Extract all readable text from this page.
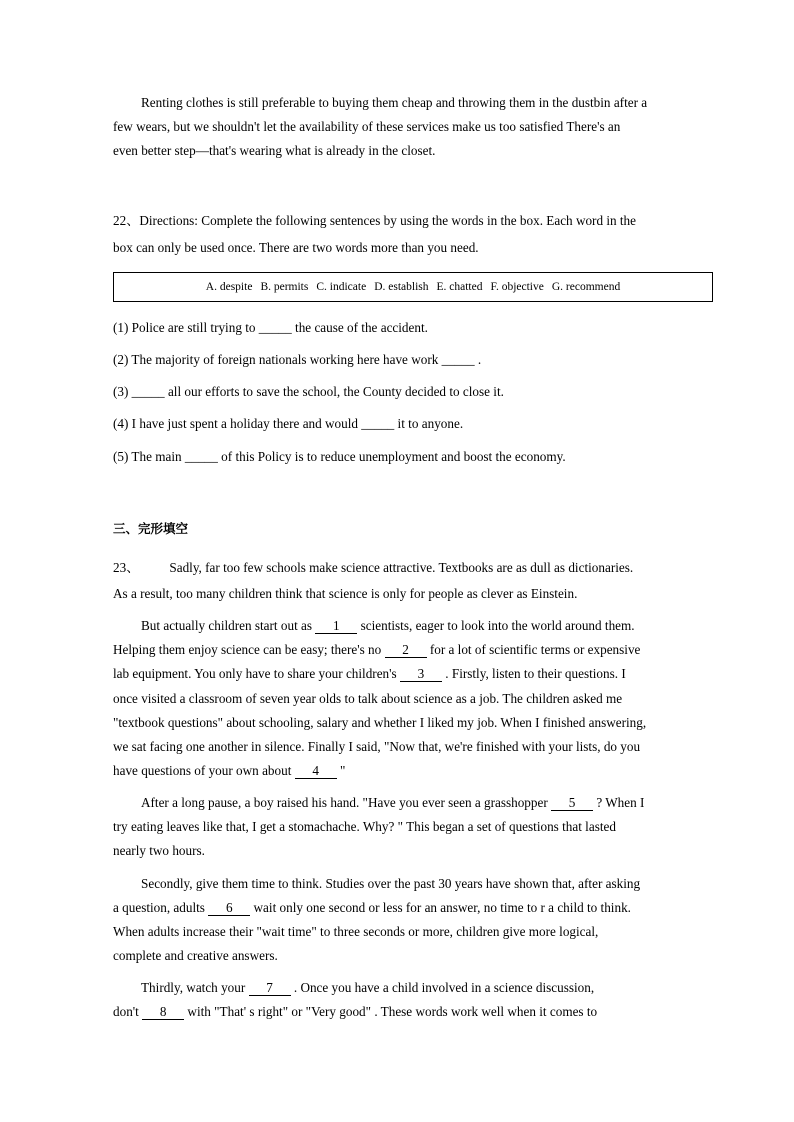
Renting clothes is still preferable to buying them cheap and throwing them in the dustbin after a
few wears, but we shouldn't let the availability of these services make us too satisfied There's an
even better step—that's wearing what is already in the closet.
22、Directions: Complete the following sentences by using the words in the box. Each word in the
box can only be used once. There are two words more than you need.
A. despite B. permits C. indicate D. establish E. chatted F. objective G. recommend
(1) Police are still trying to _____ the cause of the accident.
(2) The majority of foreign nationals working here have work _____ .
(3) _____ all our efforts to save the school, the County decided to close it.
(4) I have just spent a holiday there and would _____ it to anyone.
(5) The main _____ of this Policy is to reduce unemployment and boost the economy.
三、完形填空
23、 Sadly, far too few schools make science attractive. Textbooks are as dull as dictionaries.
As a result, too many children think that science is only for people as clever as Einstein.
But actually children start out as 1 scientists, eager to look into the world around them.
Helping them enjoy science can be easy; there's no 2 for a lot of scientific terms or expensive
lab equipment. You only have to share your children's 3 . Firstly, listen to their questions. I
once visited a classroom of seven year olds to talk about science as a job. The children asked me
"textbook questions" about schooling, salary and whether I liked my job. When I finished answering,
we sat facing one another in silence. Finally I said, "Now that, we're finished with your lists, do you
have questions of your own about 4 "
After a long pause, a boy raised his hand. "Have you ever seen a grasshopper 5 ? When I
try eating leaves like that, I get a stomachache. Why? " This began a set of questions that lasted
nearly two hours.
Secondly, give them time to think. Studies over the past 30 years have shown that, after asking
a question, adults 6 wait only one second or less for an answer, no time to r a child to think.
When adults increase their "wait time" to three seconds or more, children give more logical,
complete and creative answers.
Thirdly, watch your 7 . Once you have a child involved in a science discussion,
don't 8 with "That' s right" or "Very good" . These words work well when it comes to
